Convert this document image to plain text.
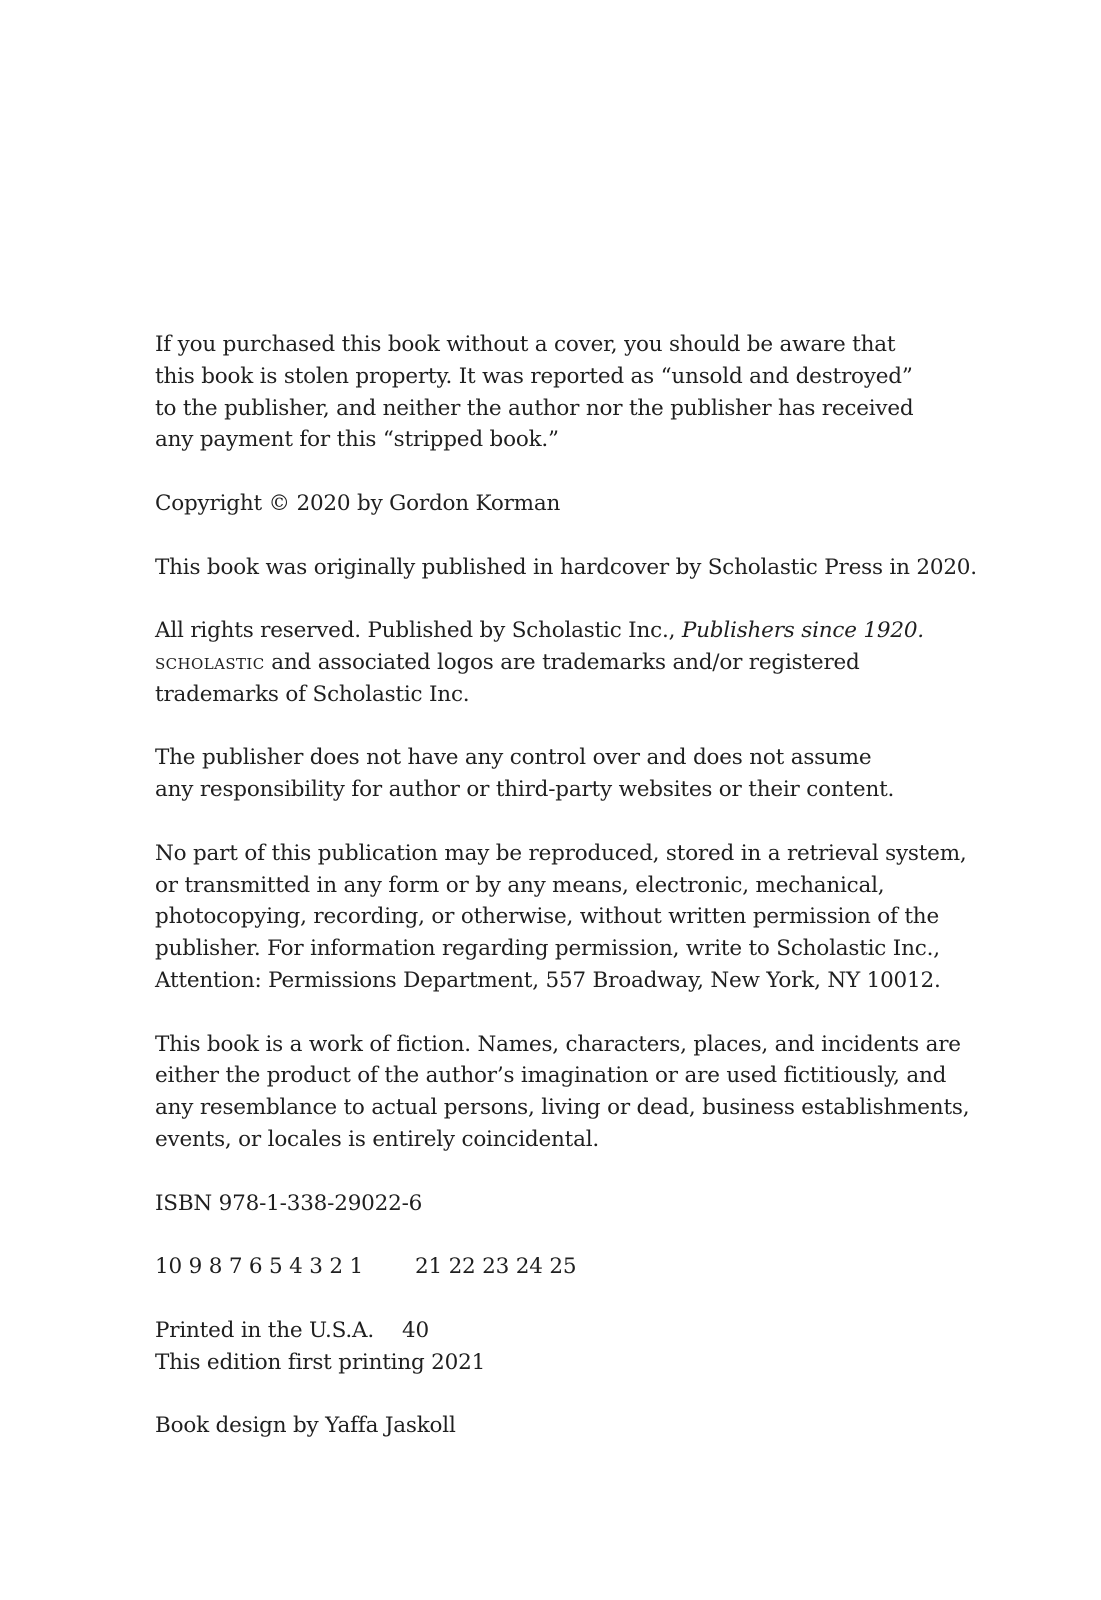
If you purchased this book without a cover, you should be aware that
this book is stolen property. It was reported as “unsold and destroyed”
to the publisher, and neither the author nor the publisher has received
any payment for this “stripped book.”

Copyright © 2020 by Gordon Korman

This book was originally published in hardcover by Scholastic Press in 2020.

All rights reserved. Published by Scholastic Inc., Publishers since 1920.
scholastic and associated logos are trademarks and/or registered
trademarks of Scholastic Inc.

The publisher does not have any control over and does not assume
any responsibility for author or third-party websites or their content.

No part of this publication may be reproduced, stored in a retrieval system,
or transmitted in any form or by any means, electronic, mechanical,
photocopying, recording, or otherwise, without written permission of the
publisher. For information regarding permission, write to Scholastic Inc.,
Attention: Permissions Department, 557 Broadway, New York, NY 10012.

This book is a work of fiction. Names, characters, places, and incidents are
either the product of the author’s imagination or are used fictitiously, and
any resemblance to actual persons, living or dead, business establishments,
events, or locales is entirely coincidental.

ISBN 978-1-338-29022-6

10 9 8 7 6 5 4 3 2 1 21 22 23 24 25

Printed in the U.S.A. 40
This edition first printing 2021

Book design by Yaffa Jaskoll
